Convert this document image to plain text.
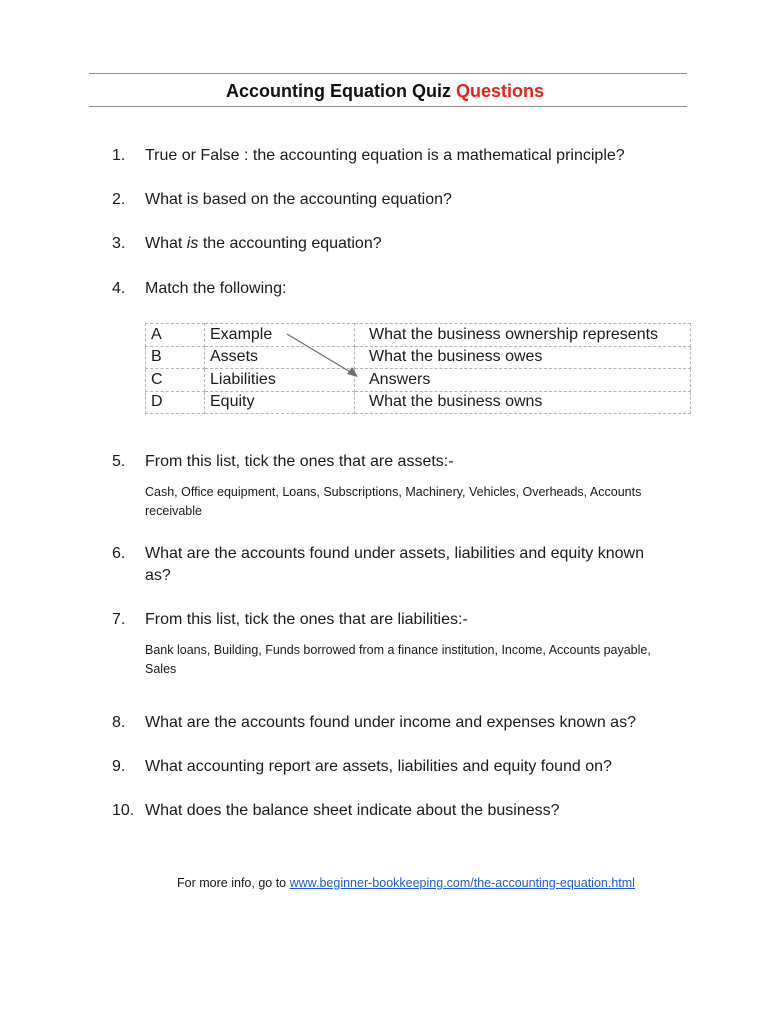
Accounting Equation Quiz Questions
1. True or False : the accounting equation is a mathematical principle?
2. What is based on the accounting equation?
3. What is the accounting equation?
4. Match the following:
A	Example	What the business ownership represents
B	Assets	What the business owes
C	Liabilities	Answers
D	Equity	What the business owns
5. From this list, tick the ones that are assets:-
Cash, Office equipment, Loans, Subscriptions, Machinery, Vehicles, Overheads, Accounts receivable
6. What are the accounts found under assets, liabilities and equity known as?
7. From this list, tick the ones that are liabilities:-
Bank loans, Building, Funds borrowed from a finance institution, Income, Accounts payable, Sales
8. What are the accounts found under income and expenses known as?
9. What accounting report are assets, liabilities and equity found on?
10. What does the balance sheet indicate about the business?
For more info, go to www.beginner-bookkeeping.com/the-accounting-equation.html
